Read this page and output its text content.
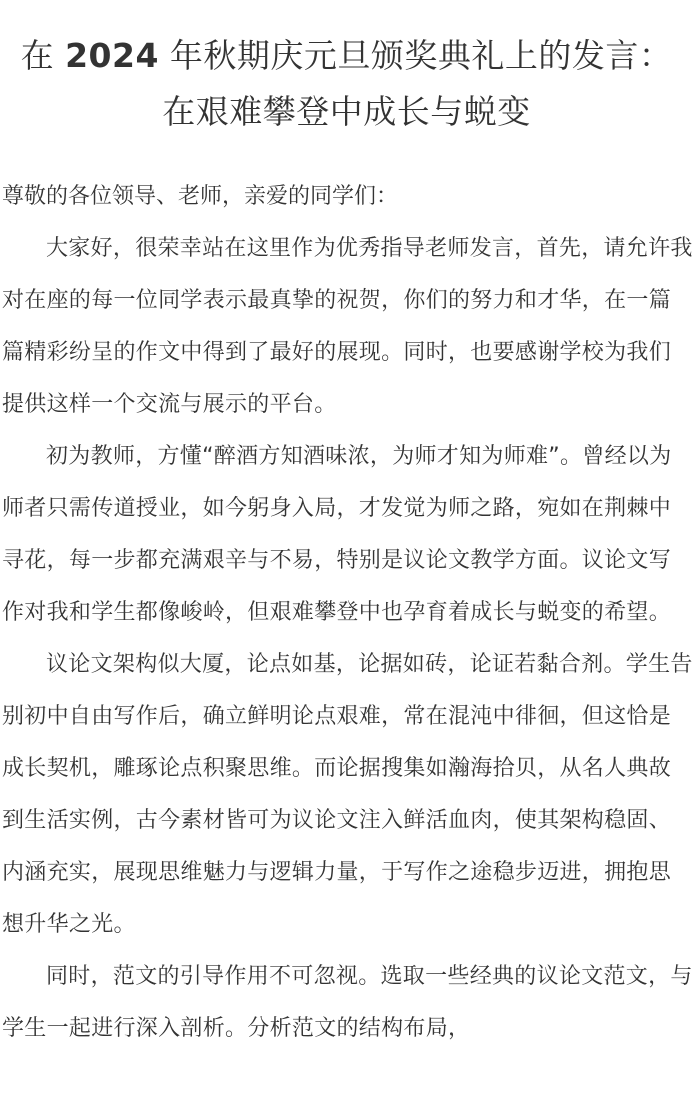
在 2024 年秋期庆元旦颁奖典礼上的发言：
在艰难攀登中成长与蜕变

尊敬的各位领导、老师，亲爱的同学们：

大家好，很荣幸站在这里作为优秀指导老师发言，首先，请允许我对在座的每一位同学表示最真挚的祝贺，你们的努力和才华，在一篇篇精彩纷呈的作文中得到了最好的展现。同时，也要感谢学校为我们提供这样一个交流与展示的平台。

初为教师，方懂“醉酒方知酒味浓，为师才知为师难”。曾经以为师者只需传道授业，如今躬身入局，才发觉为师之路，宛如在荆棘中寻花，每一步都充满艰辛与不易，特别是议论文教学方面。议论文写作对我和学生都像峻岭，但艰难攀登中也孕育着成长与蜕变的希望。

议论文架构似大厦，论点如基，论据如砖，论证若黏合剂。学生告别初中自由写作后，确立鲜明论点艰难，常在混沌中徘徊，但这恰是成长契机，雕琢论点积聚思维。而论据搜集如瀚海拾贝，从名人典故到生活实例，古今素材皆可为议论文注入鲜活血肉，使其架构稳固、内涵充实，展现思维魅力与逻辑力量，于写作之途稳步迈进，拥抱思想升华之光。

同时，范文的引导作用不可忽视。选取一些经典的议论文范文，与学生一起进行深入剖析。分析范文的结构布局，
